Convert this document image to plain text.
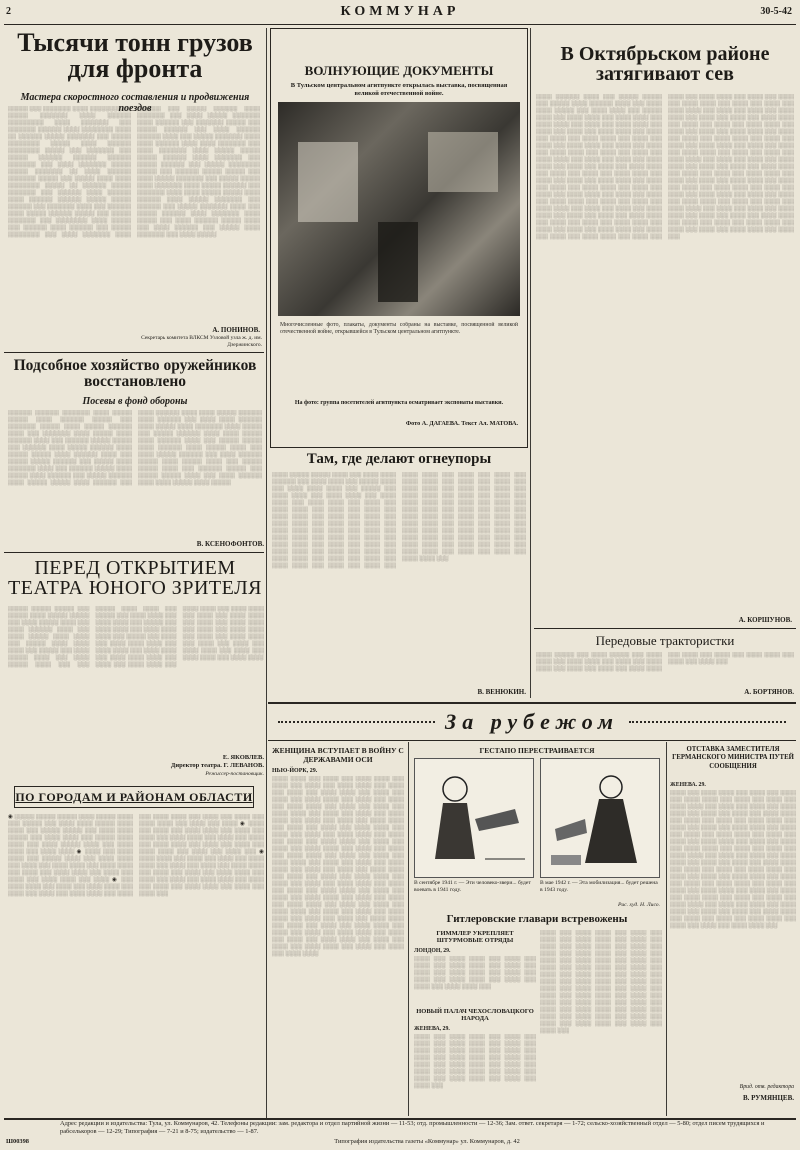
2	КОММУНАР	30-5-42
Тысячи тонн грузов для фронта
Мастера скоростного составления и продвижения поездов
░░░░░ ░░░ ░░░░░░░ ░░░░ ░░░░░░░░ ░░ ░░░░░ ░░░░░░░ ░░░░ ░░░░░░ ░░░░░░░░░ ░░░░ ░░░░░░░ ░░░ ░░░░░░░ ░░░░░░ ░░░░ ░░░░░░░░ ░░░░ ░░ ░░░░░░ ░░░░░ ░░░░░░░ ░░░ ░░░░░ ░░░░░░░░ ░░░░░ ░░░░ ░░░░░░ ░░░░░░░░ ░░░░░ ░░░ ░░░░░░░ ░░░ ░░░░░ ░░░░░░ ░░░░░░ ░░░░░░ ░░░░░░░ ░░░ ░░░░ ░░░░░░░ ░░░░░ ░░░░░ ░░░░░░░ ░░ ░░░░ ░░░░░░ ░░░░░░░ ░░░░░ ░░░ ░░░░░ ░░░░ ░░░░ ░░░░░░░░ ░░░░░ ░░ ░░░░░░ ░░░░░ ░░░░░░░ ░░░ ░░░░░░ ░░░░ ░░░░░░ ░░░░ ░░░░░░ ░░░░░░ ░░░░░ ░░░░░ ░░░░░░ ░░░ ░░░░░░░ ░░░░ ░░░ ░░░░░░ ░░░░ ░░░░░ ░░░░░░ ░░░░░ ░░░ ░░░░░ ░░░░░░░ ░░░ ░░░░░░░░ ░░░░ ░░░░░ ░░░ ░░░░░░ ░░░░ ░░░░░░ ░░░ ░░░░░ ░░░░░░░░ ░░░ ░░░░ ░░░░░░░ ░░░░ ░░░░░░ ░░░ ░░░░░ ░░░░░░ ░░░░ ░░░░░░░ ░░░ ░░░░ ░░░░░ ░░░░░░░ ░░░░ ░░░░░░ ░░░ ░░░░░░░ ░░░░░ ░░░ ░░░░░ ░░░░░░ ░░░ ░░░░ ░░░░░░ ░░░░░░ ░░░░ ░░░ ░░░░░ ░░░░░░░ ░░░░ ░░░░ ░░░░░░ ░░░░ ░░░░ ░░░░░░░ ░░░ ░░░░ ░░░░░░░ ░░░░ ░░░░░ ░░░░░ ░░░░░ ░░░░░░ ░░░░ ░░░░░░░ ░░░ ░░░░░ ░░░░░░ ░░░ ░░░░░ ░░░░░░░░ ░░░░░ ░░░ ░░░░░░ ░░░░░ ░░░░░ ░░░ ░░░░ ░░░░░ ░░░░░░░ ░░░ ░░░░░ ░░░░░ ░░░░ ░░░░░░░ ░░░░ ░░░░░ ░░░░░░ ░░░ ░░░░░░░ ░░░░ ░░░░ ░░░░░ ░░░░░ ░░░░ ░░░░░░ ░░░░ ░░░░░ ░░░░░░░ ░░░ ░░░░░░ ░░░ ░░░░░ ░░░░░░░ ░░░░ ░░░ ░░░░░ ░░░░░░ ░░░░ ░░░░░░░ ░░░░ ░░░░░ ░░░ ░░░░ ░░░░░░ ░░░░░ ░░░░ ░░░ ░░░░ ░░░░░░ ░░░ ░░░░░ ░░░░ ░░░░░░░ ░░░ ░░░░ ░░░░░
А. ПОНИНОВ.
Секретарь комитета ВЛКСМ Узловой узла ж. д. им. Дзержинского.
Подсобное хозяйство оружейников восстановлено
Посевы в фонд обороны
░░░░░░ ░░░░░░ ░░░░░░░ ░░░░ ░░░░░ ░░░░░ ░░░░ ░░░░░░ ░░░░░ ░░░ ░░░░░░░ ░░░░░ ░░░░ ░░░░░ ░░░░░░ ░░░░ ░░░ ░░░░░░░ ░░░░ ░░░░░ ░░░░ ░░░░░░ ░░░░ ░░░ ░░░░░░ ░░░░░ ░░░░░ ░░░ ░░░░░░ ░░░░ ░░░░░ ░░░░░░ ░░░░ ░░░░░ ░░░░░ ░░░░ ░░░░░░ ░░░░ ░░░ ░░░░░ ░░░░░ ░░░░░░ ░░░ ░░░░░ ░░░░ ░░░░░░░ ░░░░ ░░░ ░░░░░░ ░░░░░ ░░░░ ░░░░░ ░░░░ ░░░░░░ ░░░ ░░░░░ ░░░░░░ ░░░░ ░░░░░ ░░░░░ ░░░░ ░░░░░░ ░░░ ░░░░ ░░░░░░ ░░░░ ░░░░ ░░░░░ ░░░░░░ ░░░░ ░░░░░░ ░░░ ░░░░ ░░░░ ░░░░░░ ░░░░ ░░░░░ ░░░░ ░░░░░░░ ░░░░ ░░░░░ ░░░ ░░░░░ ░░░░░░ ░░░░ ░░░░ ░░░░░ ░░░░ ░░░░░░ ░░░░ ░░░ ░░░░░ ░░░░░ ░░░░ ░░░░░░ ░░░░ ░░░░░ ░░░░ ░░░ ░░░░ ░░░░░ ░░░░░░ ░░░ ░░░░ ░░░░░░ ░░░░░ ░░░░ ░░░░░ ░░░░ ░░░ ░░░░░ ░░░░░ ░░░░ ░░░ ░░░░░░ ░░░░░ ░░░ ░░░░░ ░░░░░ ░░░░ ░░░ ░░░░ ░░░░░░ ░░░░ ░░░░ ░░░░░ ░░░░ ░░░░░
В. КСЕНОФОНТОВ.
ПЕРЕД ОТКРЫТИЕМ ТЕАТРА ЮНОГО ЗРИТЕЛЯ
░░░░░ ░░░░░ ░░░░░ ░░░ ░░░░░ ░░░░ ░░░░░ ░░░░░ ░░░ ░░░░ ░░░░░ ░░░░ ░░░ ░░░░ ░░░░░░ ░░░░ ░░░ ░░░░ ░░░░░ ░░░░ ░░░░ ░░░ ░░░░░ ░░░░ ░░░░ ░░░░ ░░░ ░░░░░ ░░░ ░░░░ ░░░░░ ░░░░ ░░░ ░░░░ ░░░░░ ░░░░ ░░░ ░░░ ░░░░░ ░░░░ ░░░░ ░░░ ░░░░░ ░░░ ░░░░ ░░░░ ░░░ ░░░░ ░░░░ ░░░ ░░░░░ ░░░ ░░░░ ░░░░ ░░░ ░░░░ ░░░░ ░░░░ ░░░ ░░░░░ ░░░ ░░░░ ░░░ ░░░░ ░░░░ ░░░░ ░░░ ░░░░ ░░░░ ░░░ ░░░░ ░░░░ ░░░ ░░░░ ░░░░ ░░░░ ░░░ ░░░░ ░░░ ░░░░ ░░░░ ░░░ ░░░░ ░░░░ ░░░ ░░░░ ░░░░ ░░░ ░░░░ ░░░ ░░░░ ░░░░ ░░░ ░░░░ ░░░ ░░░░ ░░░░ ░░░ ░░░░ ░░░ ░░░░ ░░░░ ░░░ ░░░░ ░░░ ░░░░ ░░░░ ░░░ ░░░░ ░░░ ░░░░ ░░░ ░░░░ ░░░░ ░░░ ░░░░ ░░░ ░░░░ ░░░░ ░░░ ░░░░ ░░░░
Е. ЯКОВЛЕВ.
Директор театра. Г. ЛЕВАНОВ.
Режиссер-постановщик.
ПО ГОРОДАМ И РАЙОНАМ ОБЛАСТИ
◉ ░░░░░ ░░░░░ ░░░░░ ░░░░ ░░░░░ ░░░░ ░░░ ░░░░░ ░░░ ░░░░ ░░░░ ░░░░░ ░░░░ ░░░░ ░░░ ░░░░░ ░░░░░ ░░░ ░░░░ ░░░░ ░░░░░ ░░░ ░░░░ ░░░░ ░░░ ░░░░░ ░░░░ ░░░░ ░░░ ░░░░ ░░░░░ ░░░░ ░░░ ░░░░ ░░░░ ░░░ ░░░░ ░░░░ ◉ ░░░░ ░░░ ░░░░ ░░░░ ░░░ ░░░░░ ░░░░ ░░░ ░░░░ ░░░░ ░░░ ░░░░ ░░░ ░░░░ ░░░░ ░░░ ░░░░ ░░░░ ░░░ ░░░░ ░░░ ░░░░ ░░░░ ░░░ ░░░░ ░░░ ░░░░ ░░░ ░░░░ ░░░░ ░░░ ░░░░ ◉ ░░░ ░░░░ ░░░░ ░░░ ░░░░ ░░░ ░░░░ ░░░░ ░░░ ░░░░ ░░░ ░░░░ ░░░ ░░░░ ░░░░ ░░░ ░░░░ ░░░ ░░░░ ░░░░ ░░░ ░░░░ ░░░ ░░░░ ░░░ ░░░░ ░░░░ ░░░ ░░░░ ░░░ ░░░░ ◉ ░░░░ ░░░ ░░░░ ░░░ ░░░░ ░░░░ ░░░ ░░░░ ░░░ ░░░░ ░░░ ░░░░ ░░░░ ░░░ ░░░░ ░░░ ░░░░ ░░░ ░░░░ ░░░░ ░░░ ░░░░ ░░░ ░░░░ ░░░ ░░░░ ░░░░ ░░░ ░░░░ ░░░ ░░░░ ░░░ ◉ ░░░░ ░░░░ ░░░ ░░░░ ░░░ ░░░░ ░░░ ░░░░ ░░░░ ░░░ ░░░░ ░░░ ░░░░ ░░░ ░░░░ ░░░░ ░░░ ░░░░ ░░░ ░░░░ ░░░ ░░░░ ░░░░ ░░░ ░░░░ ░░░ ░░░░ ░░░ ░░░░ ░░░░ ░░░ ░░░░ ░░░ ░░░░ ░░░ ░░░░ ░░░░ ░░░ ░░░░ ░░░ ░░░░ ░░░
ВОЛНУЮЩИЕ ДОКУМЕНТЫ
В Тульском центральном агитпункте открылась выставка, посвященная великой отечественной войне.
Многочисленные фото, плакаты, документы собраны на выставке, посвященной великой отечественной войне, открывшейся в Тульском центральном агитпункте.
На фото: группа посетителей агитпункта осматривает экспонаты выставки.
Фото А. ДАГАЕВА. Текст Ал. МАТОВА.
Там, где делают огнеупоры
░░░░ ░░░░░ ░░░░░ ░░░░ ░░░ ░░░░ ░░░░ ░░░░░░ ░░░ ░░░░ ░░░░ ░░░ ░░░░░ ░░░░ ░░░ ░░░░ ░░░░ ░░░░ ░░░ ░░░░░ ░░░ ░░░░ ░░░░ ░░░ ░░░░ ░░░░ ░░░ ░░░░ ░░░░ ░░░ ░░░░ ░░░░ ░░░ ░░░░ ░░░ ░░░░ ░░░░ ░░░ ░░░░ ░░░ ░░░░ ░░░ ░░░░ ░░░░ ░░░ ░░░░ ░░░ ░░░░ ░░░ ░░░░ ░░░░ ░░░ ░░░░ ░░░ ░░░░ ░░░ ░░░░ ░░░░ ░░░ ░░░░ ░░░ ░░░░ ░░░ ░░░░ ░░░░ ░░░ ░░░░ ░░░ ░░░░ ░░░ ░░░░ ░░░░ ░░░ ░░░░ ░░░ ░░░░ ░░░ ░░░░ ░░░░ ░░░ ░░░░ ░░░ ░░░░ ░░░ ░░░░ ░░░░ ░░░ ░░░░ ░░░ ░░░░ ░░░ ░░░░ ░░░░ ░░░ ░░░░ ░░░ ░░░░ ░░░ ░░░░ ░░░░ ░░░ ░░░░ ░░░ ░░░░ ░░░ ░░░░ ░░░░ ░░░ ░░░░ ░░░ ░░░░ ░░░ ░░░░ ░░░░ ░░░ ░░░░ ░░░ ░░░░ ░░░ ░░░░ ░░░░ ░░░ ░░░░ ░░░ ░░░░ ░░░ ░░░░ ░░░░ ░░░ ░░░░ ░░░ ░░░░ ░░░ ░░░░ ░░░░ ░░░ ░░░░ ░░░ ░░░░ ░░░ ░░░░ ░░░░ ░░░ ░░░░ ░░░ ░░░░ ░░░ ░░░░ ░░░░ ░░░ ░░░░ ░░░ ░░░░ ░░░ ░░░░ ░░░░ ░░░ ░░░░ ░░░ ░░░░ ░░░ ░░░░ ░░░░ ░░░ ░░░░ ░░░ ░░░░ ░░░ ░░░░ ░░░░ ░░░ ░░░░ ░░░ ░░░░ ░░░ ░░░░ ░░░░ ░░░ ░░░░ ░░░ ░░░░ ░░░ ░░░░ ░░░░ ░░░
В. ВЕНЮКИН.
В Октябрьском районе затягивают сев
░░░░ ░░░░░░ ░░░░ ░░░ ░░░░░ ░░░░░ ░░░ ░░░░░ ░░░░ ░░░░░░ ░░░░ ░░░ ░░░░ ░░░░ ░░░░░ ░░░ ░░░░ ░░░░ ░░░ ░░░░░ ░░░░ ░░░ ░░░░ ░░░░ ░░░ ░░░░ ░░░░ ░░░ ░░░░ ░░░░ ░░░ ░░░░ ░░░ ░░░░ ░░░░ ░░░ ░░░░ ░░░ ░░░░ ░░░ ░░░░ ░░░░ ░░░ ░░░░ ░░░ ░░░░ ░░░ ░░░░ ░░░░ ░░░ ░░░░ ░░░ ░░░░ ░░░ ░░░░ ░░░░ ░░░ ░░░░ ░░░ ░░░░ ░░░ ░░░░ ░░░░ ░░░ ░░░░ ░░░ ░░░░ ░░░ ░░░░ ░░░░ ░░░ ░░░░ ░░░ ░░░░ ░░░ ░░░░ ░░░░ ░░░ ░░░░ ░░░ ░░░░ ░░░ ░░░░ ░░░░ ░░░ ░░░░ ░░░ ░░░░ ░░░ ░░░░ ░░░░ ░░░ ░░░░ ░░░ ░░░░ ░░░ ░░░░ ░░░░ ░░░ ░░░░ ░░░ ░░░░ ░░░ ░░░░ ░░░░ ░░░ ░░░░ ░░░ ░░░░ ░░░ ░░░░ ░░░░ ░░░ ░░░░ ░░░ ░░░░ ░░░ ░░░░ ░░░░ ░░░ ░░░░ ░░░ ░░░░ ░░░ ░░░░ ░░░░ ░░░ ░░░░ ░░░ ░░░░ ░░░ ░░░░ ░░░░ ░░░ ░░░░ ░░░ ░░░░ ░░░ ░░░░ ░░░░ ░░░ ░░░░ ░░░ ░░░░ ░░░ ░░░░ ░░░░ ░░░ ░░░░ ░░░ ░░░░ ░░░ ░░░░ ░░░░ ░░░ ░░░░ ░░░ ░░░░ ░░░ ░░░░ ░░░░ ░░░ ░░░░ ░░░ ░░░░ ░░░ ░░░░ ░░░░ ░░░ ░░░░ ░░░ ░░░░ ░░░ ░░░░ ░░░░ ░░░ ░░░░ ░░░ ░░░░ ░░░ ░░░░ ░░░░ ░░░ ░░░░ ░░░ ░░░░ ░░░ ░░░░ ░░░░ ░░░ ░░░░ ░░░ ░░░░ ░░░ ░░░░ ░░░░ ░░░ ░░░░ ░░░ ░░░░ ░░░ ░░░░ ░░░░ ░░░ ░░░░ ░░░ ░░░░ ░░░ ░░░░ ░░░░ ░░░ ░░░░ ░░░ ░░░░ ░░░ ░░░░ ░░░░ ░░░ ░░░░ ░░░ ░░░░ ░░░ ░░░░ ░░░░ ░░░ ░░░░ ░░░ ░░░░ ░░░ ░░░░ ░░░░ ░░░ ░░░░ ░░░ ░░░░ ░░░ ░░░░ ░░░░ ░░░ ░░░░ ░░░ ░░░░ ░░░ ░░░░ ░░░░ ░░░ ░░░░ ░░░ ░░░░ ░░░ ░░░░ ░░░░ ░░░ ░░░░ ░░░ ░░░░ ░░░ ░░░░ ░░░░ ░░░ ░░░░ ░░░ ░░░░ ░░░ ░░░░ ░░░░ ░░░ ░░░░ ░░░ ░░░░ ░░░ ░░░░ ░░░░ ░░░ ░░░░ ░░░ ░░░░ ░░░ ░░░░ ░░░░ ░░░ ░░░░ ░░░ ░░░░ ░░░ ░░░░ ░░░░ ░░░ ░░░░ ░░░ ░░░░ ░░░ ░░░░ ░░░░ ░░░ ░░░░ ░░░ ░░░░ ░░░ ░░░░ ░░░░ ░░░ ░░░░ ░░░ ░░░░ ░░░ ░░░░ ░░░░ ░░░ ░░░░ ░░░ ░░░░ ░░░ ░░░░ ░░░░ ░░░ ░░░░ ░░░ ░░░░ ░░░ ░░░░ ░░░░ ░░░ ░░░░ ░░░
А. КОРШУНОВ.
Передовые трактористки
░░░░ ░░░░░ ░░░ ░░░░ ░░░░░ ░░░ ░░░░ ░░░░ ░░░ ░░░░ ░░░░ ░░░ ░░░░ ░░░ ░░░░ ░░░░ ░░░ ░░░░ ░░░ ░░░░ ░░░ ░░░░ ░░░░ ░░░ ░░░░ ░░░ ░░░░ ░░░ ░░░░ ░░░░ ░░░ ░░░░ ░░░ ░░░░ ░░░
А. БОРТЯНОВ.
За рубежом
ЖЕНЩИНА ВСТУПАЕТ В ВОЙНУ С ДЕРЖАВАМИ ОСИ
НЬЮ-ЙОРК, 29.
░░░░ ░░░░ ░░░ ░░░░ ░░░ ░░░░ ░░░░ ░░░ ░░░░ ░░░ ░░░░ ░░░ ░░░░ ░░░░ ░░░ ░░░░ ░░░ ░░░░ ░░░ ░░░░ ░░░░ ░░░ ░░░░ ░░░ ░░░░ ░░░ ░░░░ ░░░░ ░░░ ░░░░ ░░░ ░░░░ ░░░ ░░░░ ░░░░ ░░░ ░░░░ ░░░ ░░░░ ░░░ ░░░░ ░░░░ ░░░ ░░░░ ░░░ ░░░░ ░░░ ░░░░ ░░░░ ░░░ ░░░░ ░░░ ░░░░ ░░░ ░░░░ ░░░░ ░░░ ░░░░ ░░░ ░░░░ ░░░ ░░░░ ░░░░ ░░░ ░░░░ ░░░ ░░░░ ░░░ ░░░░ ░░░░ ░░░ ░░░░ ░░░ ░░░░ ░░░ ░░░░ ░░░░ ░░░ ░░░░ ░░░ ░░░░ ░░░ ░░░░ ░░░░ ░░░ ░░░░ ░░░ ░░░░ ░░░ ░░░░ ░░░░ ░░░ ░░░░ ░░░ ░░░░ ░░░ ░░░░ ░░░░ ░░░ ░░░░ ░░░ ░░░░ ░░░ ░░░░ ░░░░ ░░░ ░░░░ ░░░ ░░░░ ░░░ ░░░░ ░░░░ ░░░ ░░░░ ░░░ ░░░░ ░░░ ░░░░ ░░░░ ░░░ ░░░░ ░░░ ░░░░ ░░░ ░░░░ ░░░░ ░░░ ░░░░ ░░░ ░░░░ ░░░ ░░░░ ░░░░ ░░░ ░░░░ ░░░ ░░░░ ░░░ ░░░░ ░░░░ ░░░ ░░░░ ░░░ ░░░░ ░░░ ░░░░ ░░░░ ░░░ ░░░░ ░░░ ░░░░ ░░░ ░░░░ ░░░░ ░░░ ░░░░ ░░░ ░░░░ ░░░ ░░░░ ░░░░ ░░░ ░░░░ ░░░ ░░░░ ░░░ ░░░░ ░░░░ ░░░ ░░░░ ░░░ ░░░░ ░░░ ░░░░ ░░░░ ░░░ ░░░░ ░░░ ░░░░ ░░░ ░░░░ ░░░░ ░░░ ░░░░ ░░░ ░░░░ ░░░ ░░░░ ░░░░ ░░░ ░░░░ ░░░ ░░░░ ░░░ ░░░░ ░░░░ ░░░ ░░░░ ░░░ ░░░░ ░░░ ░░░░ ░░░░
ГЕСТАПО ПЕРЕСТРАИВАЕТСЯ
В сентябре 1941 г. — Эти человеко-звери... будет воевать в 1941 году.
В мае 1942 г. — Эта мобилизация... будет решена в 1943 году.
Рис. худ. Н. Лисо.
Гитлеровские главари встревожены
ГИММЛЕР УКРЕПЛЯЕТ ШТУРМОВЫЕ ОТРЯДЫ
ЛОНДОН, 29.
░░░░ ░░░ ░░░░ ░░░░ ░░░ ░░░░ ░░░ ░░░░ ░░░ ░░░░ ░░░░ ░░░ ░░░░ ░░░ ░░░░ ░░░ ░░░░ ░░░░ ░░░ ░░░░ ░░░ ░░░░ ░░░ ░░░░ ░░░░ ░░░ ░░░░ ░░░ ░░░░ ░░░ ░░░░ ░░░░ ░░░
НОВЫЙ ПАЛАЧ ЧЕХОСЛОВАЦКОГО НАРОДА
ЖЕНЕВА, 29.
░░░░ ░░░ ░░░░ ░░░░ ░░░ ░░░░ ░░░ ░░░░ ░░░ ░░░░ ░░░░ ░░░ ░░░░ ░░░ ░░░░ ░░░ ░░░░ ░░░░ ░░░ ░░░░ ░░░ ░░░░ ░░░ ░░░░ ░░░░ ░░░ ░░░░ ░░░ ░░░░ ░░░ ░░░░ ░░░░ ░░░ ░░░░ ░░░ ░░░░ ░░░ ░░░░ ░░░░ ░░░ ░░░░ ░░░ ░░░░ ░░░ ░░░░ ░░░░ ░░░ ░░░░ ░░░ ░░░░ ░░░
░░░░ ░░░ ░░░░ ░░░░ ░░░ ░░░░ ░░░ ░░░░ ░░░ ░░░░ ░░░░ ░░░ ░░░░ ░░░ ░░░░ ░░░ ░░░░ ░░░░ ░░░ ░░░░ ░░░ ░░░░ ░░░ ░░░░ ░░░░ ░░░ ░░░░ ░░░ ░░░░ ░░░ ░░░░ ░░░░ ░░░ ░░░░ ░░░ ░░░░ ░░░ ░░░░ ░░░░ ░░░ ░░░░ ░░░ ░░░░ ░░░ ░░░░ ░░░░ ░░░ ░░░░ ░░░ ░░░░ ░░░ ░░░░ ░░░░ ░░░ ░░░░ ░░░ ░░░░ ░░░ ░░░░ ░░░░ ░░░ ░░░░ ░░░ ░░░░ ░░░ ░░░░ ░░░░ ░░░ ░░░░ ░░░ ░░░░ ░░░ ░░░░ ░░░░ ░░░ ░░░░ ░░░ ░░░░ ░░░ ░░░░ ░░░░ ░░░ ░░░░ ░░░ ░░░░ ░░░ ░░░░ ░░░░ ░░░ ░░░░ ░░░ ░░░░ ░░░ ░░░░ ░░░░ ░░░ ░░░░ ░░░ ░░░░ ░░░
ОТСТАВКА ЗАМЕСТИТЕЛЯ ГЕРМАНСКОГО МИНИСТРА ПУТЕЙ СООБЩЕНИЯ
ЖЕНЕВА. 29.
░░░░ ░░░ ░░░░ ░░░░ ░░░ ░░░░ ░░░ ░░░░ ░░░ ░░░░ ░░░░ ░░░ ░░░░ ░░░ ░░░░ ░░░ ░░░░ ░░░░ ░░░ ░░░░ ░░░ ░░░░ ░░░ ░░░░ ░░░░ ░░░ ░░░░ ░░░ ░░░░ ░░░ ░░░░ ░░░░ ░░░ ░░░░ ░░░ ░░░░ ░░░ ░░░░ ░░░░ ░░░ ░░░░ ░░░ ░░░░ ░░░ ░░░░ ░░░░ ░░░ ░░░░ ░░░ ░░░░ ░░░ ░░░░ ░░░░ ░░░ ░░░░ ░░░ ░░░░ ░░░ ░░░░ ░░░░ ░░░ ░░░░ ░░░ ░░░░ ░░░ ░░░░ ░░░░ ░░░ ░░░░ ░░░ ░░░░ ░░░ ░░░░ ░░░░ ░░░ ░░░░ ░░░ ░░░░ ░░░ ░░░░ ░░░░ ░░░ ░░░░ ░░░ ░░░░ ░░░ ░░░░ ░░░░ ░░░ ░░░░ ░░░ ░░░░ ░░░ ░░░░ ░░░░ ░░░ ░░░░ ░░░ ░░░░ ░░░ ░░░░ ░░░░ ░░░ ░░░░ ░░░ ░░░░ ░░░ ░░░░ ░░░░ ░░░ ░░░░ ░░░ ░░░░ ░░░ ░░░░ ░░░░ ░░░ ░░░░ ░░░ ░░░░ ░░░ ░░░░ ░░░░ ░░░ ░░░░ ░░░ ░░░░ ░░░ ░░░░ ░░░░ ░░░ ░░░░ ░░░ ░░░░ ░░░ ░░░░ ░░░░ ░░░ ░░░░ ░░░ ░░░░ ░░░ ░░░░ ░░░░ ░░░ ░░░░ ░░░ ░░░░ ░░░ ░░░░ ░░░░ ░░░ ░░░░ ░░░ ░░░░ ░░░ ░░░░ ░░░░ ░░░
Врид. отв. редактора
В. РУМЯНЦЕВ.
Адрес редакции и издательства: Тула, ул. Коммунаров, 42. Телефоны редакции: зам. редактора и отдел партийной жизни — 11-53; отд. промышленности — 12-36; Зам. ответ. секретаря — 1-72; сельско-хозяйственный отдел — 5-80; отдел писем трудящихся и рабселькоров — 12-29; Типография — 7-21 и 8-75; издательство — 1-87.
Типография издательства газеты «Коммунар» ул. Коммунаров, д. 42
Ш00398
